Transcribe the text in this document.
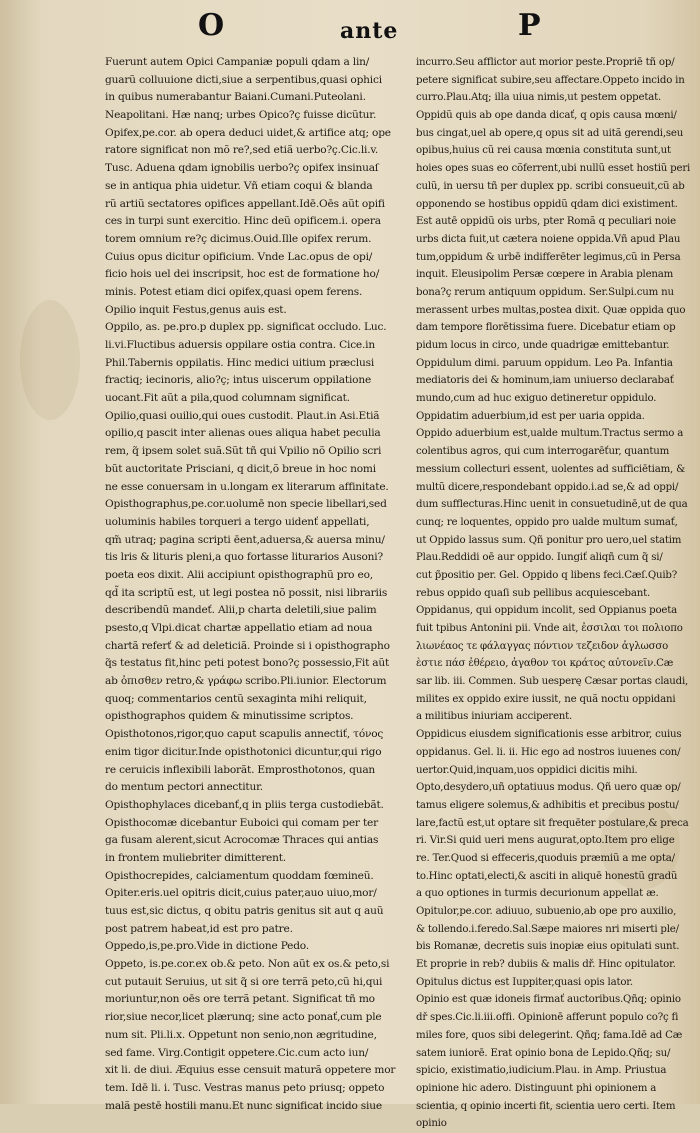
O	ante	P
Fuerunt autem Opici Campaniæ populi qdam a lin/
guarũ colluuione dicti,siue a serpentibus,quasi ophici
in quibus numerabantur Baiani.Cumani.Puteolani.
Neapolitani. Hæ nanq; urbes Opico?ç fuisse dicũtur.
Opifex,pe.cor. ab opera deduci uidet,& artifice atq; ope
ratore significat non mõ re?,sed etiã uerbo?ç.Cic.li.v.
Tusc. Aduena qdam ignobilis uerbo?ç opifex insinuaſ
se in antiqua phia uidetur. Vñ etiam coqui & blanda
rũ artiũ sectatores opifices appellant.Idē.Oēs aũt opifi
ces in turpi sunt exercitio. Hinc deũ opificem.i. opera
torem omnium re?ç dicimus.Ouid.Ille opifex rerum.
Cuius opus dicitur opificium. Vnde Lac.opus de opi/
ficio hois uel dei inscripsit, hoc est de formatione ho/
minis. Potest etiam dici opifex,quasi opem ferens.
Opilio inquit Festus,genus auis est.
Oppilo, as. pe.pro.p duplex pp. significat occludo. Luc.
li.vi.Fluctibus aduersis oppilare ostia contra. Cice.in
Phil.Tabernis oppilatis. Hinc medici uitium præclusi
fractiq; iecinoris, alio?ç; intus uiscerum oppilatione
uocant.Fit aũt a pila,quod columnam significat.
Opilio,quasi ouilio,qui oues custodit. Plaut.in Asi.Etiã
opilio,q pascit inter alienas oues aliqua habet peculia
rem, q̃ ipsem solet suã.Sũt tñ qui Vpilio nõ Opilio scri
bũt auctoritate Prisciani, q dicit,õ breue in hoc nomi
ne esse conuersam in u.longam ex literarum affinitate.
Opisthographus,pe.cor.uolumē non specie libellari,sed
uoluminis habiles torqueri a tergo uidenť appellati,
qm̃ utraq; pagina scripti ēent,aduersa,& auersa minu/
tis lris & lituris pleni,a quo fortasse liturarios Ausoni?
poeta eos dixit. Alii accipiunt opisthographũ pro eo,
qd̃ ita scriptũ est, ut legi postea nõ possit, nisi librariis
describendũ mandeť. Alii,p charta deletili,siue palim
psesto,q Vlpi.dicat chartæ appellatio etiam ad noua
chartã referť & ad deleticiã. Proinde si i opisthographo
q̃s testatus fit,hinc peti potest bono?ç possessio,Fit aũt
ab ὀπισθεν retro,& γράφω scribo.Pli.iunior. Electorum
quoq; commentarios centũ sexaginta mihi reliquit,
opisthographos quidem & minutissime scriptos.
Opisthotonos,rigor,quo caput scapulis annectiť, τόνος
enim tigor dicitur.Inde opisthotonici dicuntur,qui rigo
re ceruicis inflexibili laborãt. Emprosthotonos, quan
do mentum pectori annectitur.
Opisthophylaces dicebanť,q in pliis terga custodiebãt.
Opisthocomæ dicebantur Euboici qui comam per ter
ga fusam alerent,sicut Acrocomæ Thraces qui antias
in frontem muliebriter dimitterent.
Opisthocrepides, calciamentum quoddam fœmineũ.
Opiter.eris.uel opitris dicit,cuius pater,auo uiuo,mor/
tuus est,sic dictus, q obitu patris genitus sit aut q auũ
post patrem habeat,id est pro patre.
Oppedo,is,pe.pro.Vide in dictione Pedo.
Oppeto, is.pe.cor.ex ob.& peto. Non aũt ex os.& peto,si
cut putauit Seruius, ut sit q̃ si ore terrã peto,cũ hi,qui
moriuntur,non oēs ore terrã petant. Significat tñ mo
rior,siue necor,licet plærunq; sine acto ponať,cum ple
num sit. Pli.li.x. Oppetunt non senio,non ægritudine,
sed fame. Virg.Contigit oppetere.Cic.cum acto iun/
xit li. de diui. Æquius esse censuit maturã oppetere mor
tem. Idē li. i. Tusc. Vestras manus peto priusq; oppeto
malã pestē hostili manu.Et nunc significat incido siue
incurro.Seu afflictor aut morior peste.Propriē tñ op/
petere significat subire,seu affectare.Oppeto incido in
curro.Plau.Atq; illa uiua nimis,ut pestem oppetat.
Oppidũ quis ab ope danda dicať, q opis causa mœni/
bus cingat,uel ab opere,q opus sit ad uitã gerendi,seu
opibus,huius cũ rei causa mœnia constituta sunt,ut
hoies opes suas eo cõferrent,ubi nullũ esset hostiũ peri
culũ, in uersu tñ per duplex pp. scribi consueuit,cũ ab
opponendo se hostibus oppidũ qdam dici existiment.
Est autē oppidũ ois urbs, pter Romã q peculiari noie
urbs dicta fuit,ut cætera noiene oppida.Vñ apud Plau
tum,oppidum & urbē indifferēter legimus,cũ in Persa
inquit. Eleusipolim Persæ cœpere in Arabia plenam
bona?ç rerum antiquum oppidum. Ser.Sulpi.cum nu
merassent urbes multas,postea dixit. Quæ oppida quo
dam tempore florētissima fuere. Dicebatur etiam op
pidum locus in circo, unde quadrigæ emittebantur.
Oppidulum dimi. paruum oppidum. Leo Pa. Infantia
mediatoris dei & hominum,iam uniuerso declarabať
mundo,cum ad huc exiguo detineretur oppidulo.
Oppidatim aduerbium,id est per uaria oppida.
Oppido aduerbium est,ualde multum.Tractus sermo a
colentibus agros, qui cum interrogarēťur, quantum
messium collecturi essent, uolentes ad sufficiētiam, &
multũ dicere,respondebant oppido.i.ad se,& ad oppi/
dum sufflecturas.Hinc uenit in consuetudinē,ut de qua
cunq; re loquentes, oppido pro ualde multum sumať,
ut Oppido lassus sum. Qñ ponitur pro uero,uel statim
Plau.Reddidi oē aur oppido. Iungiť aliqñ cum q̃ si/
cut p̃positio per. Gel. Oppido q libens feci.Cæſ.Quib?
rebus oppido quaſi sub pellibus acquiescebant.
Oppidanus, qui oppidum incolit, sed Oppianus poeta
fuit tpibus Antonini pii. Vnde ait, ἐσσιλαι τοι πολιοπο
λιωνέαος τε φάλαγγας πόντιον τεζειδον ἀγλωσσο
ὲστιε πάσ ἐθέρειο, ἀγαθον τοι κράτος αὐτονεῖν.Cæ
sar lib. iii. Commen. Sub uesperę Cæsar portas claudi,
milites ex oppido exire iussit, ne quã noctu oppidani
a militibus iniuriam acciperent.
Oppidicus eiusdem significationis esse arbitror, cuius
oppidanus. Gel. li. ii. Hic ego ad nostros iuuenes con/
uertor.Quid,inquam,uos oppidici dicitis mihi.
Opto,desydero,uñ optatiuus modus. Qñ uero quæ op/
tamus eligere solemus,& adhibitis et precibus postu/
lare,factũ est,ut optare sit frequēter postulare,& preca
ri. Vir.Si quid ueri mens augurat,opto.Item pro elige
re. Ter.Quod si effeceris,quoduis præmiũ a me opta/
to.Hinc optati,electi,& asciti in aliquē honestũ gradũ
a quo optiones in turmis decurionum appellat æ.
Opitulor,pe.cor. adiuuo, subuenio,ab ope pro auxilio,
& tollendo.i.feredo.Sal.Sæpe maiores nri miserti ple/
bis Romanæ, decretis suis inopiæ eius opitulati sunt.
Et proprie in reb? dubiis & malis dř. Hinc opitulator.
Opitulus dictus est Iuppiter,quasi opis lator.
Opinio est quæ idoneis firmať auctoribus.Qñq; opinio
dř spes.Cic.li.iii.offi. Opinionē afferunt populo co?ç fi
miles fore, quos sibi delegerint. Qñq; fama.Idē ad Cæ
satem iuniorē. Erat opinio bona de Lepido.Qñq; su/
spicio, existimatio,iudicium.Plau. in Amp. Priustua
opinione hic adero. Distinguunt phi opinionem a
scientia, q opinio incerti fit, scientia uero certi. Item
opinio
